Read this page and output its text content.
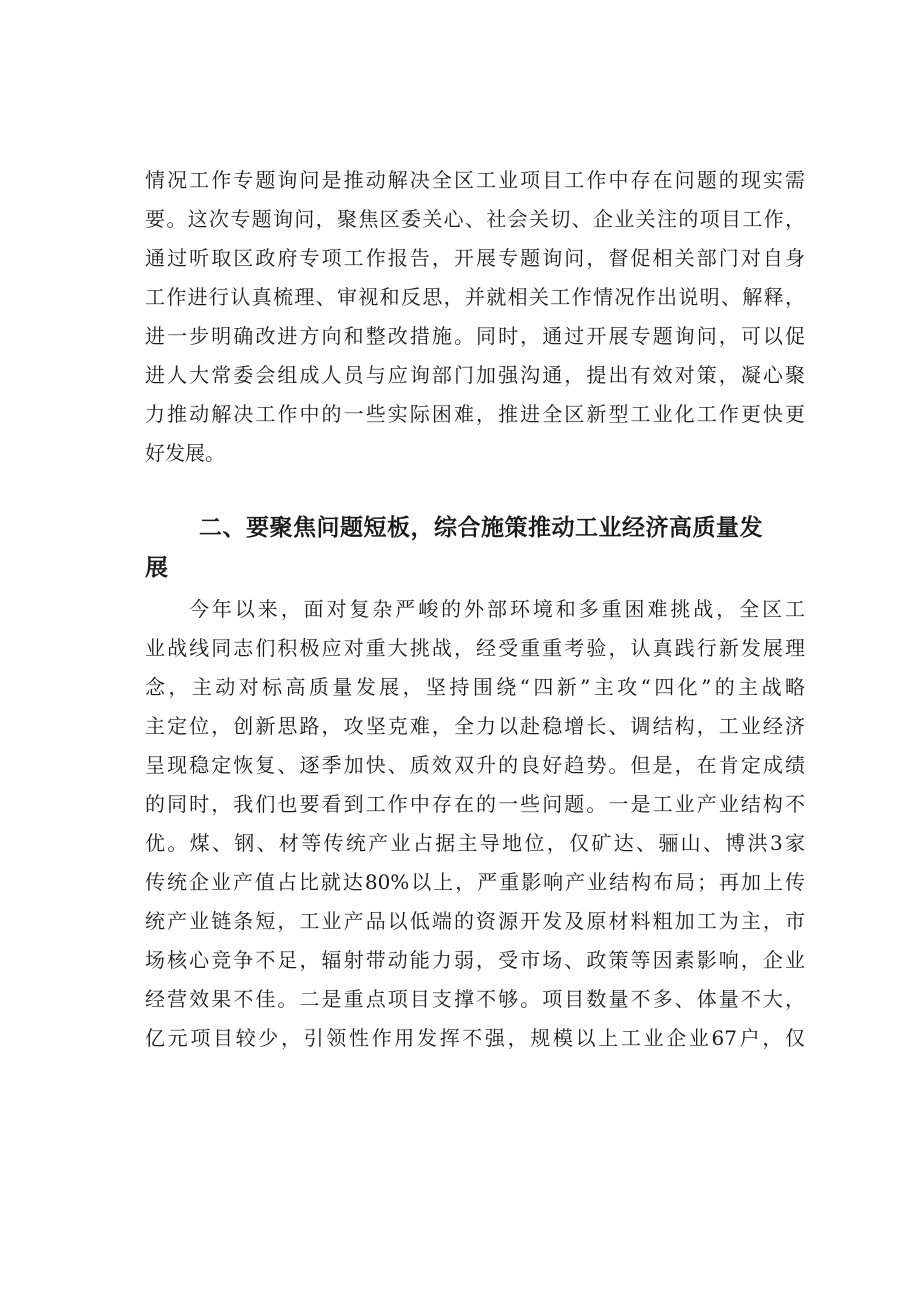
情况工作专题询问是推动解决全区工业项目工作中存在问题的现实需
要。这次专题询问，聚焦区委关心、社会关切、企业关注的项目工作，
通过听取区政府专项工作报告，开展专题询问，督促相关部门对自身
工作进行认真梳理、审视和反思，并就相关工作情况作出说明、解释，
进一步明确改进方向和整改措施。同时，通过开展专题询问，可以促
进人大常委会组成人员与应询部门加强沟通，提出有效对策，凝心聚
力推动解决工作中的一些实际困难，推进全区新型工业化工作更快更
好发展。
二、要聚焦问题短板，综合施策推动工业经济高质量发
展
今年以来，面对复杂严峻的外部环境和多重困难挑战，全区工
业战线同志们积极应对重大挑战，经受重重考验，认真践行新发展理
念，主动对标高质量发展，坚持围绕“四新”主攻“四化”的主战略
主定位，创新思路，攻坚克难，全力以赴稳增长、调结构，工业经济
呈现稳定恢复、逐季加快、质效双升的良好趋势。但是，在肯定成绩
的同时，我们也要看到工作中存在的一些问题。一是工业产业结构不
优。煤、钢、材等传统产业占据主导地位，仅矿达、骊山、博洪3家
传统企业产值占比就达80%以上，严重影响产业结构布局；再加上传
统产业链条短，工业产品以低端的资源开发及原材料粗加工为主，市
场核心竞争不足，辐射带动能力弱，受市场、政策等因素影响，企业
经营效果不佳。二是重点项目支撑不够。项目数量不多、体量不大，
亿元项目较少，引领性作用发挥不强，规模以上工业企业67户，仅
